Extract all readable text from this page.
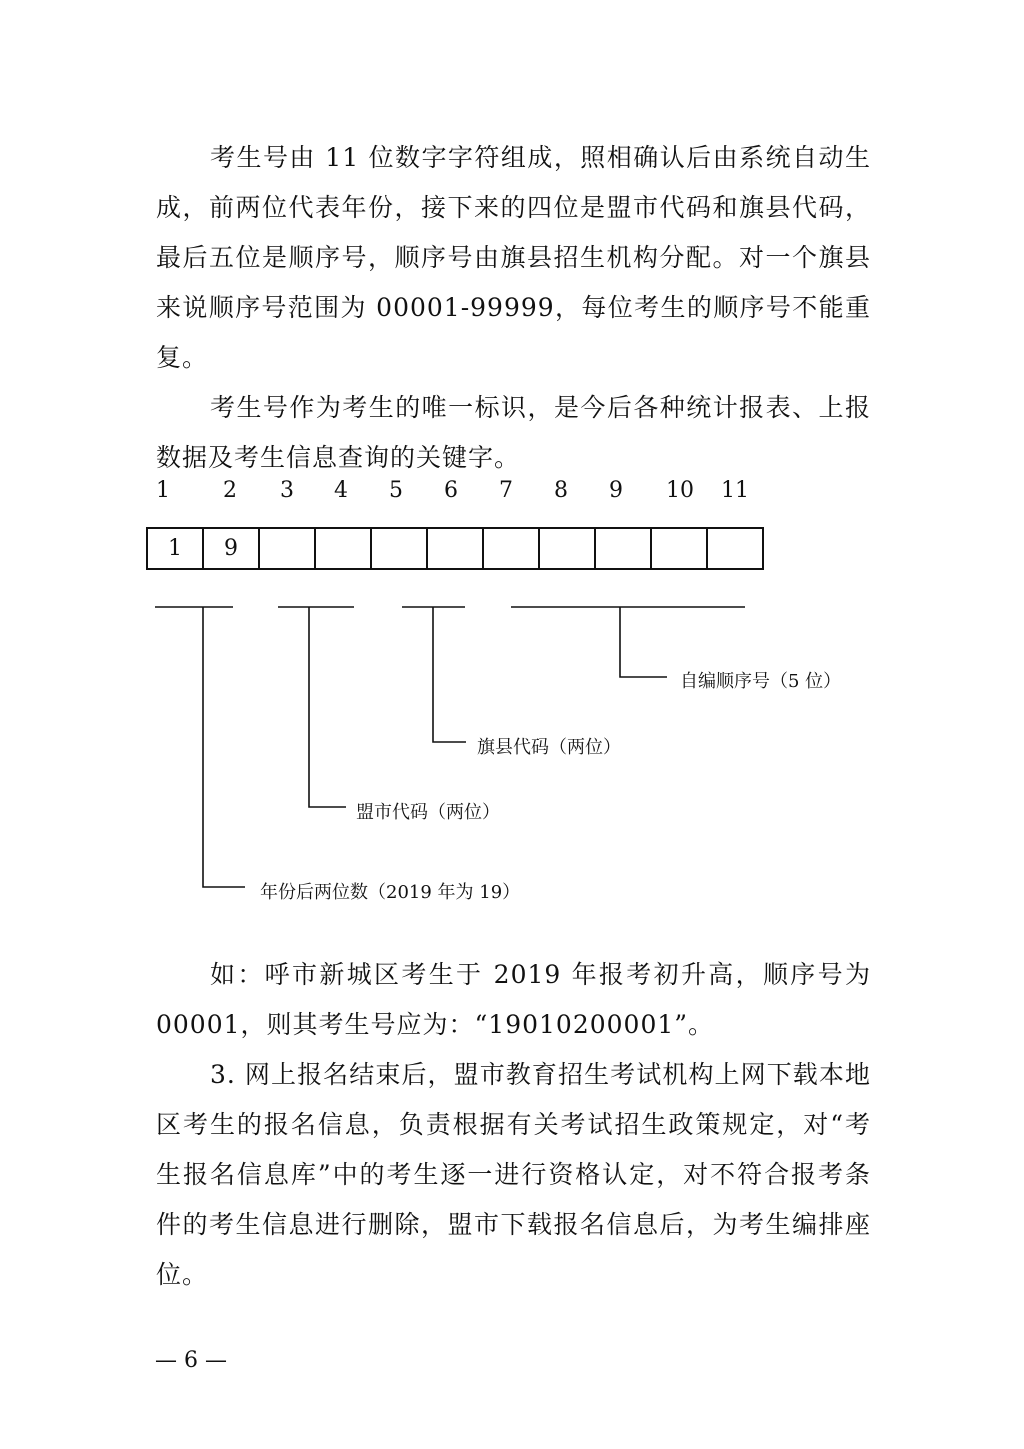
考生号由 11 位数字字符组成，照相确认后由系统自动生成，前两位代表年份，接下来的四位是盟市代码和旗县代码，最后五位是顺序号，顺序号由旗县招生机构分配。对一个旗县来说顺序号范围为 00001-99999，每位考生的顺序号不能重复。

考生号作为考生的唯一标识，是今后各种统计报表、上报数据及考生信息查询的关键字。

1 2 3 4 5 6 7 8 9 10 11
1	9
自编顺序号（5 位）
旗县代码（两位）
盟市代码（两位）
年份后两位数（2019 年为 19）

如：呼市新城区考生于 2019 年报考初升高，顺序号为 00001，则其考生号应为：“19010200001”。

3. 网上报名结束后，盟市教育招生考试机构上网下载本地区考生的报名信息，负责根据有关考试招生政策规定，对“考生报名信息库”中的考生逐一进行资格认定，对不符合报考条件的考生信息进行删除，盟市下载报名信息后，为考生编排座位。

— 6 —
